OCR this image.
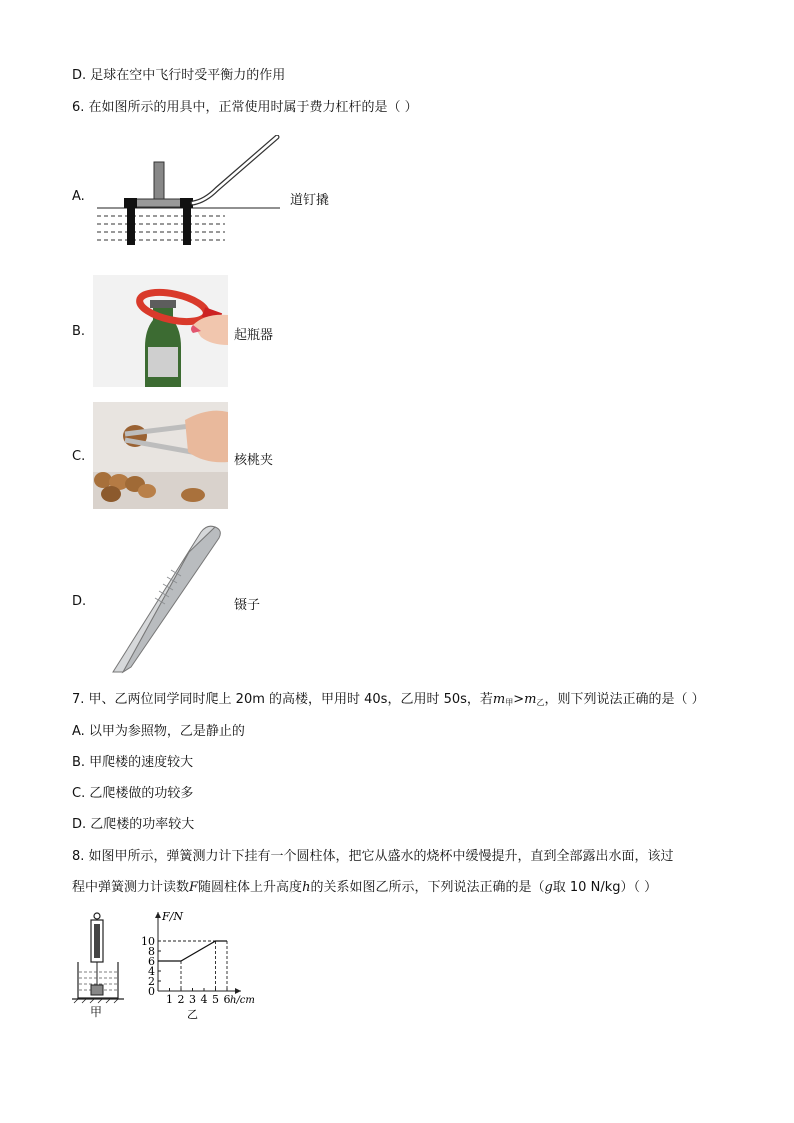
D. 足球在空中飞行时受平衡力的作用
6. 在如图所示的用具中，正常使用时属于费力杠杆的是（ ）
A.	道钉撬
B.	起瓶器
C.	核桃夹
D.	镊子
7. 甲、乙两位同学同时爬上 20m 的高楼，甲用时 40s，乙用时 50s，若$m_甲>m_乙$，则下列说法正确的是（ ）
A. 以甲为参照物，乙是静止的
B. 甲爬楼的速度较大
C. 乙爬楼做的功较多
D. 乙爬楼的功率较大
8. 如图甲所示，弹簧测力计下挂有一个圆柱体，把它从盛水的烧杯中缓慢提升，直到全部露出水面，该过
程中弹簧测力计读数F随圆柱体上升高度h的关系如图乙所示，下列说法正确的是（g取 10 N/kg）（ ）
甲
0
2
4
6
8
10
1 2 3 4 5 6
F/N
h/cm
乙
